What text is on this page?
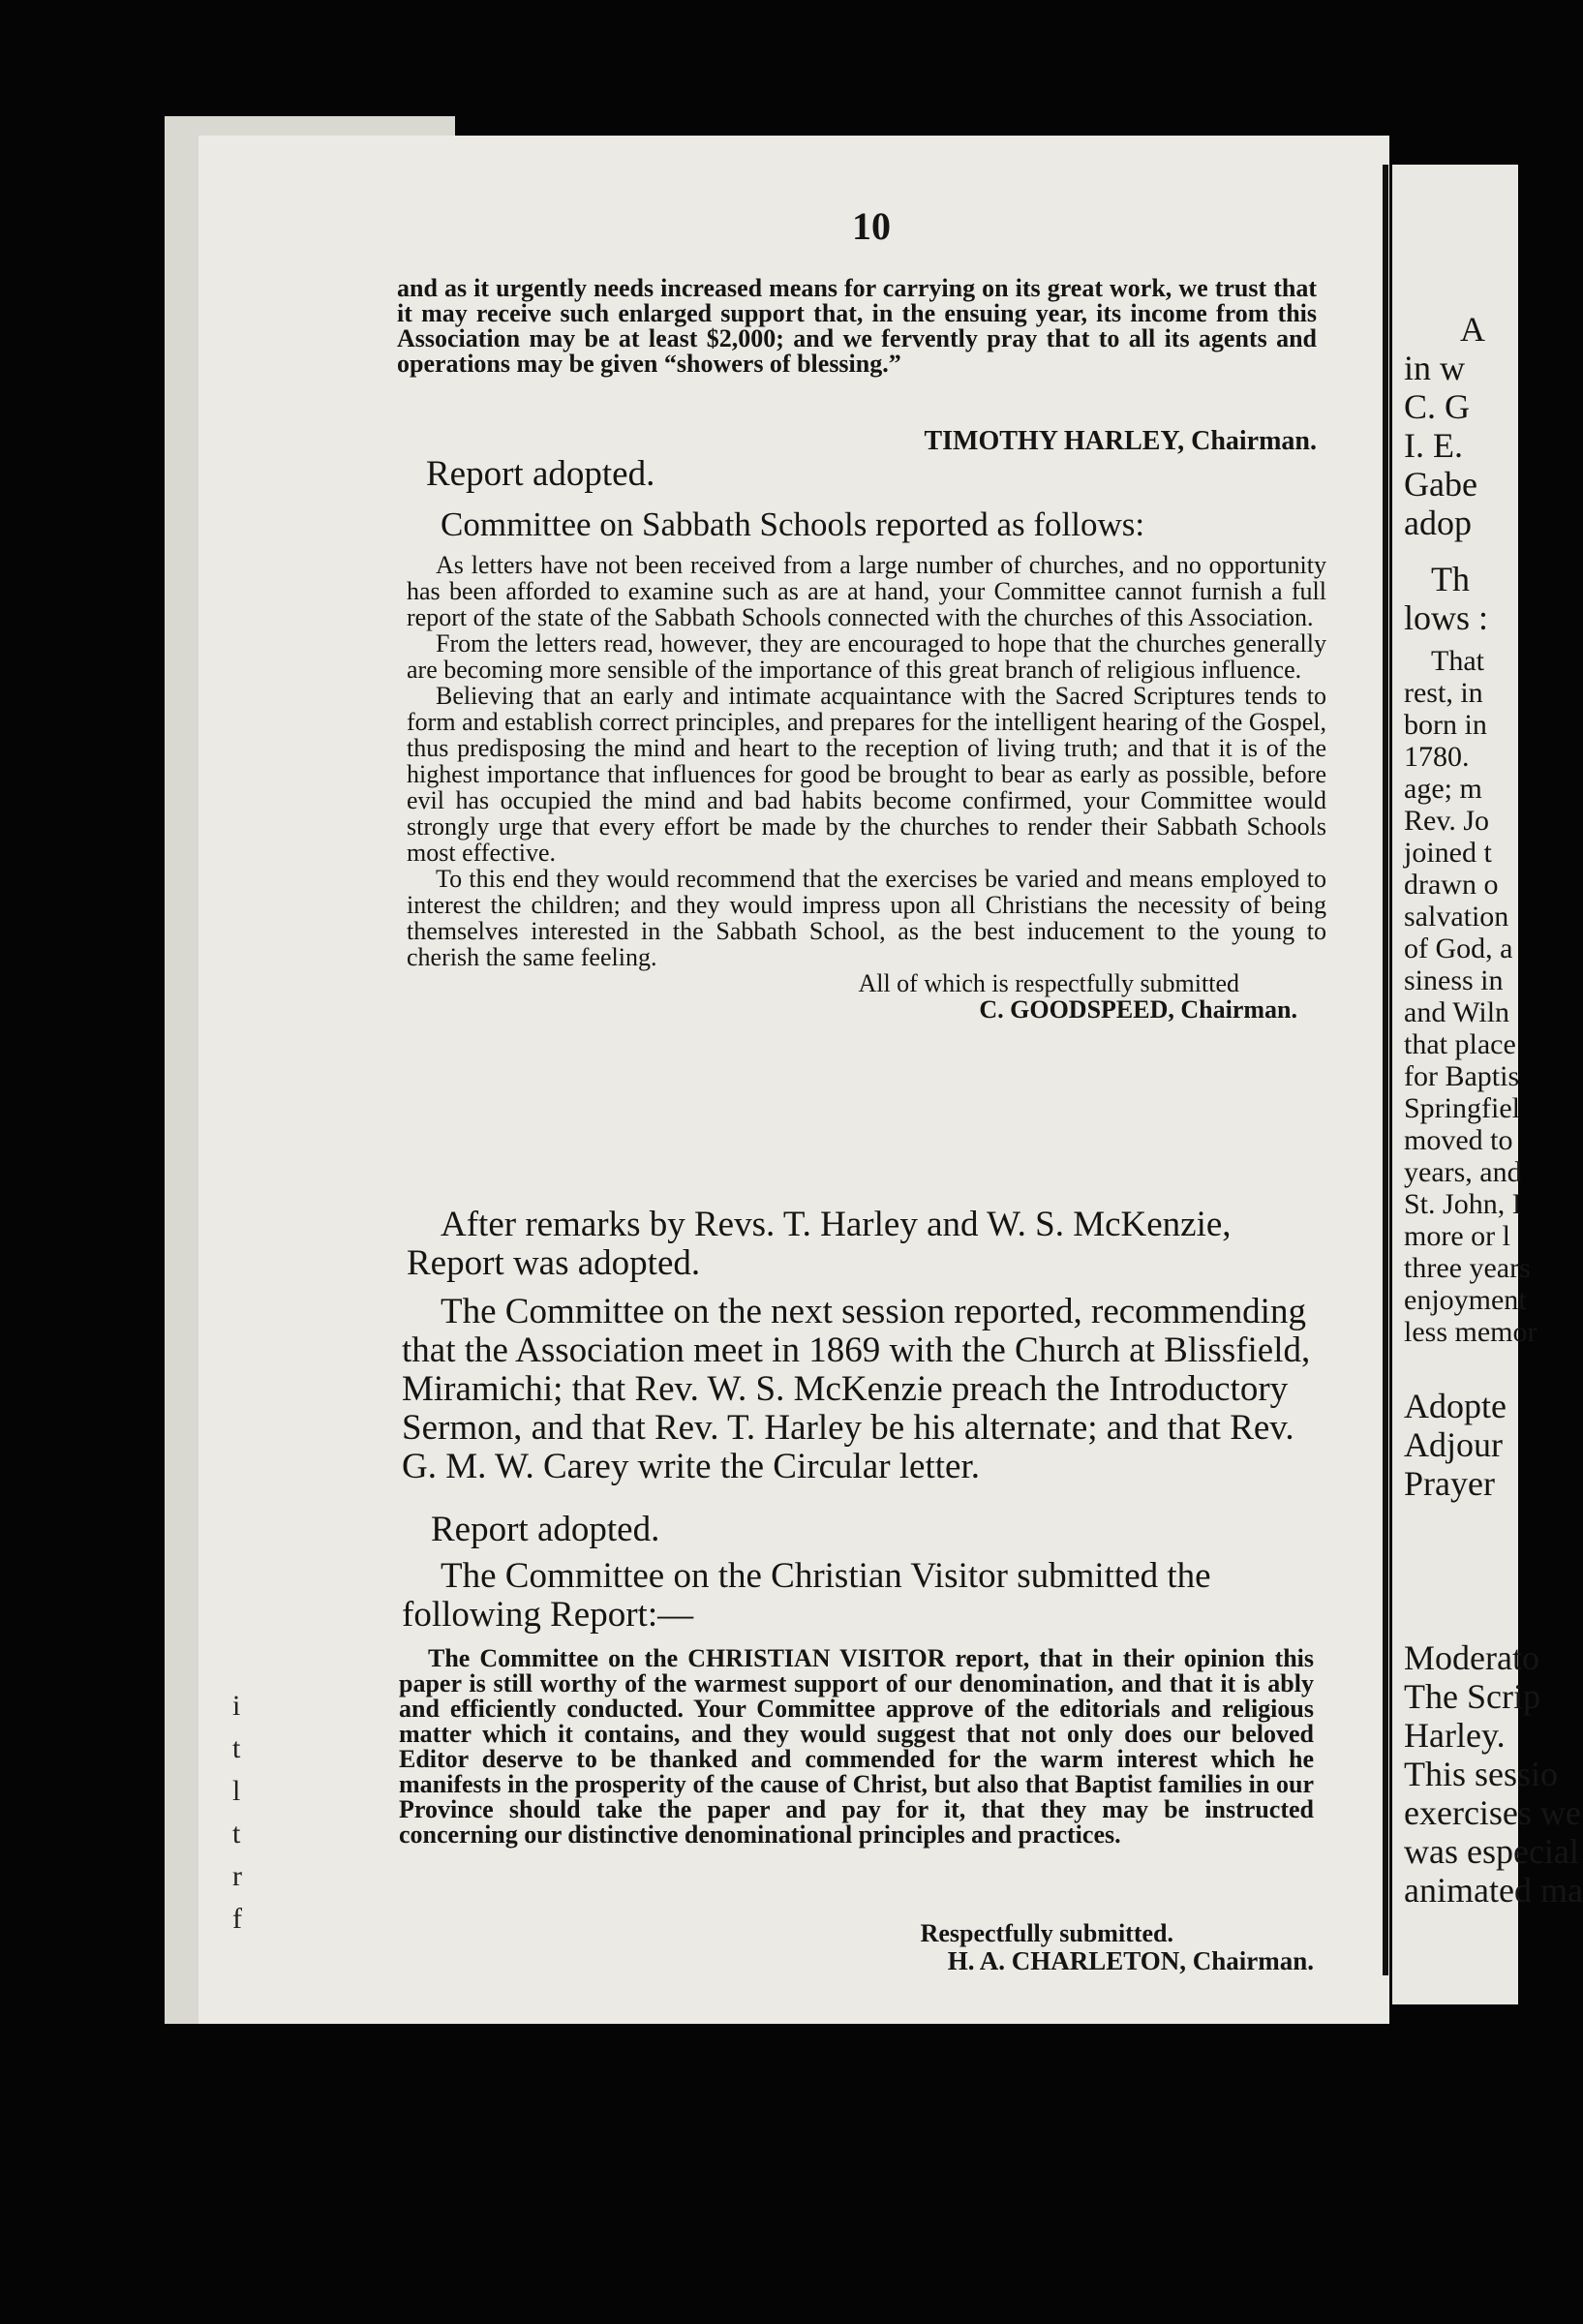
10
and as it urgently needs increased means for carrying on its great work, we trust that it may receive such enlarged support that, in the ensuing year, its income from this Association may be at least $2,000; and we fervently pray that to all its agents and operations may be given “showers of blessing.”
TIMOTHY HARLEY, Chairman.
Report adopted.
Committee on Sabbath Schools reported as follows:

As letters have not been received from a large number of churches, and no opportunity has been afforded to examine such as are at hand, your Committee cannot furnish a full report of the state of the Sabbath Schools connected with the churches of this Association.

From the letters read, however, they are encouraged to hope that the churches generally are becoming more sensible of the importance of this great branch of religious influence.

Believing that an early and intimate acquaintance with the Sacred Scriptures tends to form and establish correct principles, and prepares for the intelligent hearing of the Gospel, thus predisposing the mind and heart to the reception of living truth; and that it is of the highest importance that influences for good be brought to bear as early as possible, before evil has occupied the mind and bad habits become confirmed, your Committee would strongly urge that every effort be made by the churches to render their Sabbath Schools most effective.

To this end they would recommend that the exercises be varied and means employed to interest the children; and they would impress upon all Christians the necessity of being themselves interested in the Sabbath School, as the best inducement to the young to cherish the same feeling.

All of which is respectfully submitted
C. GOODSPEED, Chairman.
After remarks by Revs. T. Harley and W. S. McKenzie, Report was adopted.
The Committee on the next session reported, recommending that the Association meet in 1869 with the Church at Blissfield, Miramichi; that Rev. W. S. McKenzie preach the Introductory Sermon, and that Rev. T. Harley be his alternate; and that Rev. G. M. W. Carey write the Circular letter.
Report adopted.
The Committee on the Christian Visitor submitted the following Report:—
The Committee on the CHRISTIAN VISITOR report, that in their opinion this paper is still worthy of the warmest support of our denomination, and that it is ably and efficiently conducted. Your Committee approve of the editorials and religious matter which it contains, and they would suggest that not only does our beloved Editor deserve to be thanked and commended for the warm interest which he manifests in the prosperity of the cause of Christ, but also that Baptist families in our Province should take the paper and pay for it, that they may be instructed concerning our distinctive denominational principles and practices.
Respectfully submitted.
H. A. CHARLETON, Chairman.
i
t
l
t
r
f
A
in w
C. G
I. E.
Gabe
adop
Th
lows :
That
rest, in
born in
1780.
age; m
Rev. Jo
joined t
drawn o
salvation
of God, a
siness in
and Wiln
that place
for Baptis
Springfiel
moved to
years, and
St. John, I
more or l
three years
enjoyment
less memor
Adopte
Adjour
Prayer
Moderato
The Scrip
Harley.
This sessio
exercises we
was especial
animated ma
